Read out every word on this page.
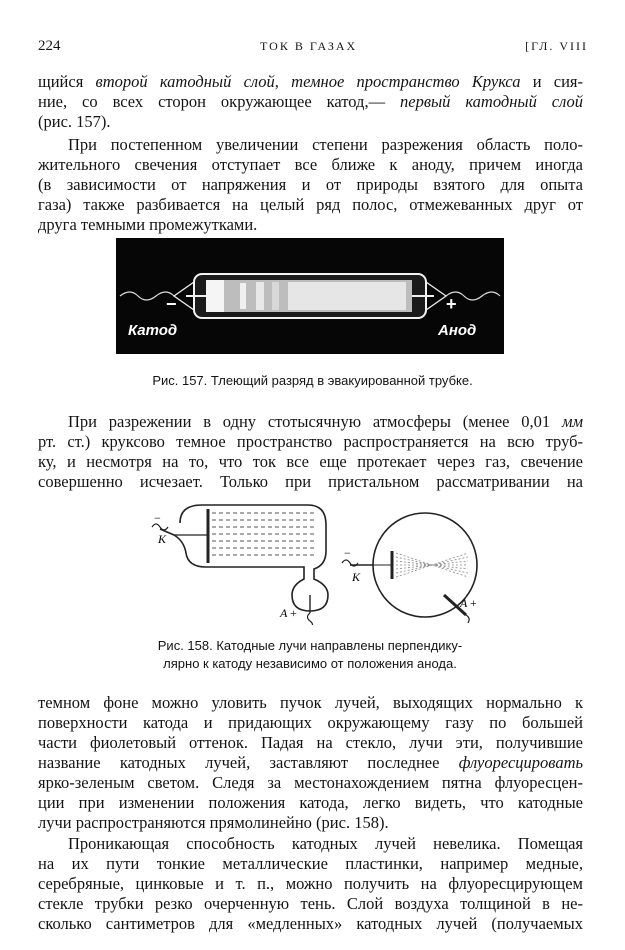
224	ТОК В ГАЗАХ	[ГЛ. VIII
щийся второй катодный слой, темное пространство Крукса и сия-
ние, со всех сторон окружающее катод,— первый катодный слой
(рис. 157).
При постепенном увеличении степени разрежения область поло-
жительного свечения отступает все ближе к аноду, причем иногда
(в зависимости от напряжения и от природы взятого для опыта
газа) также разбивается на целый ряд полос, отмежеванных друг от
друга темными промежутками.
−	+
Катод	Анод
Рис. 157. Тлеющий разряд в эвакуированной трубке.
При разрежении в одну стотысячную атмосферы (менее 0,01 мм
рт. ст.) круксово темное пространство распространяется на всю труб-
ку, и несмотря на то, что ток все еще протекает через газ, свечение
совершенно исчезает. Только при пристальном рассматривании на
−
K
A +
−
K
A +
Рис. 158. Катодные лучи направлены перпендику-
лярно к катоду независимо от положения анода.
темном фоне можно уловить пучок лучей, выходящих нормально к
поверхности катода и придающих окружающему газу по большей
части фиолетовый оттенок. Падая на стекло, лучи эти, получившие
название катодных лучей, заставляют последнее флуоресцировать
ярко-зеленым светом. Следя за местонахождением пятна флуоресцен-
ции при изменении положения катода, легко видеть, что катодные
лучи распространяются прямолинейно (рис. 158).
Проникающая способность катодных лучей невелика. Помещая
на их пути тонкие металлические пластинки, например медные,
серебряные, цинковые и т. п., можно получить на флуоресцирующем
стекле трубки резко очерченную тень. Слой воздуха толщиной в не-
сколько сантиметров для «медленных» катодных лучей (получаемых
